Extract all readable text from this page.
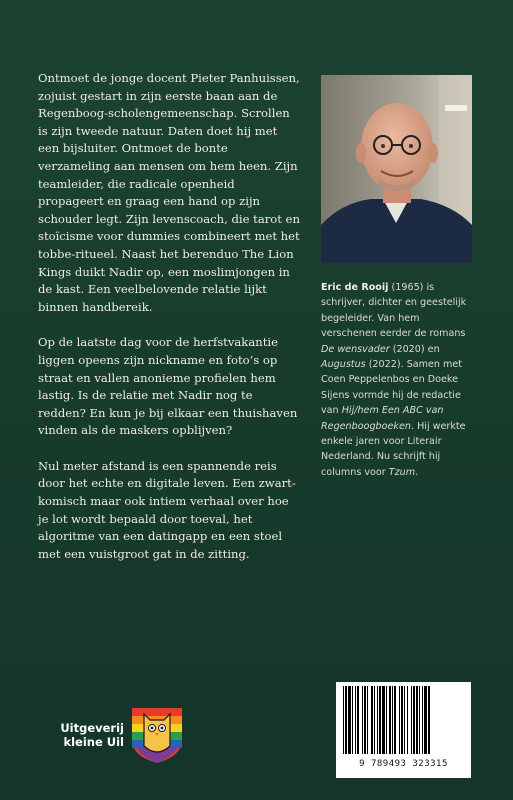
Ontmoet de jonge docent Pieter Panhuissen, zojuist gestart in zijn eerste baan aan de Regenboog-scholengemeenschap. Scrollen is zijn tweede natuur. Daten doet hij met een bijsluiter. Ontmoet de bonte verzameling aan mensen om hem heen. Zijn teamleider, die radicale openheid propageert en graag een hand op zijn schouder legt. Zijn levenscoach, die tarot en stoïcisme voor dummies combineert met het tobbe-ritueel. Naast het berenduo The Lion Kings duikt Nadir op, een moslimjongen in de kast. Een veelbelovende relatie lijkt binnen handbereik.

Op de laatste dag voor de herfstvakantie liggen opeens zijn nickname en foto’s op straat en vallen anonieme profielen hem lastig. Is de relatie met Nadir nog te redden? En kun je bij elkaar een thuishaven vinden als de maskers opblijven?

Nul meter afstand is een spannende reis door het echte en digitale leven. Een zwart-komisch maar ook intiem verhaal over hoe je lot wordt bepaald door toeval, het algoritme van een datingapp en een stoel met een vuistgroot gat in de zitting.

Eric de Rooij (1965) is schrijver, dichter en geestelijk begeleider. Van hem verschenen eerder de romans De wensvader (2020) en Augustus (2022). Samen met Coen Peppelenbos en Doeke Sijens vormde hij de redactie van Hij/hem Een ABC van Regenboogboeken. Hij werkte enkele jaren voor Literair Nederland. Nu schrijft hij columns voor Tzum.
Uitgeverij
kleine Uil
9 789493 323315
